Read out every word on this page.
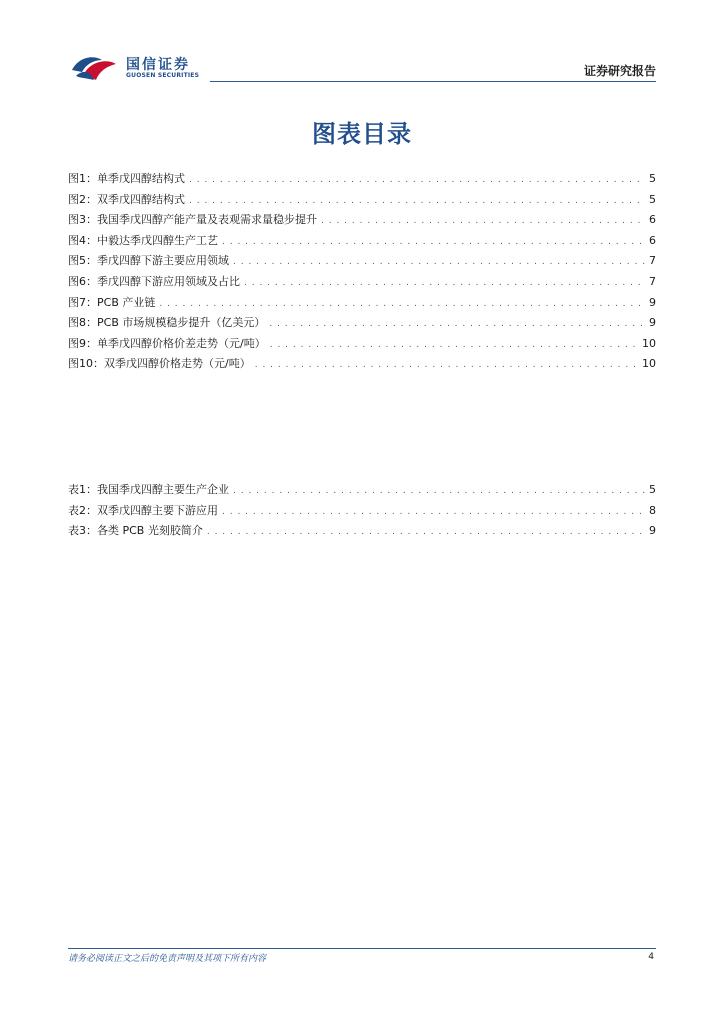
国信证券
GUOSEN SECURITIES	证券研究报告
图表目录
图1： 单季戊四醇结构式 . . .	5
图2： 双季戊四醇结构式 . . .	5
图3： 我国季戊四醇产能产量及表观需求量稳步提升 . . .	6
图4： 中毅达季戊四醇生产工艺 . . .	6
图5： 季戊四醇下游主要应用领域 . . .	7
图6： 季戊四醇下游应用领域及占比 . . .	7
图7： PCB 产业链 . . .	9
图8： PCB 市场规模稳步提升（亿美元） . . .	9
图9： 单季戊四醇价格价差走势（元/吨） . . .	10
图10： 双季戊四醇价格走势（元/吨） . . .	10
表1： 我国季戊四醇主要生产企业 . . .	5
表2： 双季戊四醇主要下游应用 . . .	8
表3： 各类 PCB 光刻胶简介 . . .	9
请务必阅读正文之后的免责声明及其项下所有内容	4
